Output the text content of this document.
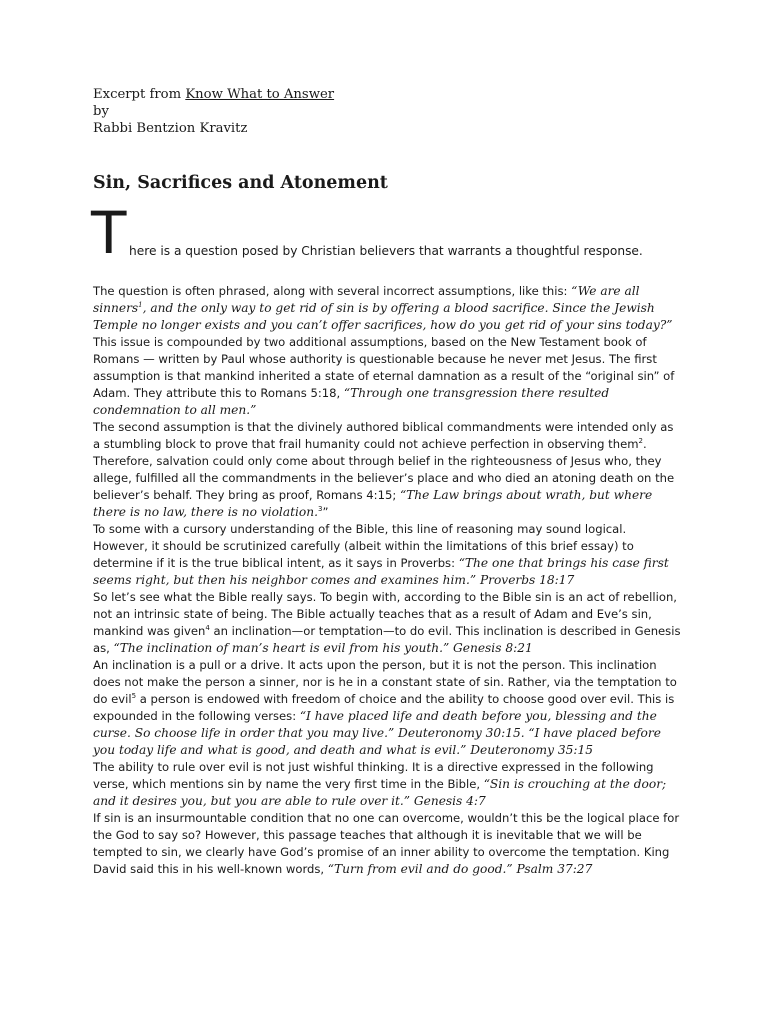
Excerpt from Know What to Answer
by
Rabbi Bentzion Kravitz
Sin, Sacrifices and Atonement
T here is a question posed by Christian believers that warrants a thoughtful response.

The question is often phrased, along with several incorrect assumptions, like this: “We are all sinners$^1$, and the only way to get rid of sin is by offering a blood sacrifice. Since the Jewish Temple no longer exists and you can’t offer sacrifices, how do you get rid of your sins today?” This issue is compounded by two additional assumptions, based on the New Testament book of Romans — written by Paul whose authority is questionable because he never met Jesus. The first assumption is that mankind inherited a state of eternal damnation as a result of the “original sin” of Adam. They attribute this to Romans 5:18, “Through one transgression there resulted condemnation to all men.”

The second assumption is that the divinely authored biblical commandments were intended only as a stumbling block to prove that frail humanity could not achieve perfection in observing them$^2$. Therefore, salvation could only come about through belief in the righteousness of Jesus who, they allege, fulfilled all the commandments in the believer’s place and who died an atoning death on the believer’s behalf. They bring as proof, Romans 4:15; “The Law brings about wrath, but where there is no law, there is no violation.$^3$”

To some with a cursory understanding of the Bible, this line of reasoning may sound logical. However, it should be scrutinized carefully (albeit within the limitations of this brief essay) to determine if it is the true biblical intent, as it says in Proverbs: “The one that brings his case first seems right, but then his neighbor comes and examines him.” Proverbs 18:17

So let’s see what the Bible really says. To begin with, according to the Bible sin is an act of rebellion, not an intrinsic state of being. The Bible actually teaches that as a result of Adam and Eve’s sin, mankind was given$^4$ an inclination—or temptation—to do evil. This inclination is described in Genesis as, “The inclination of man’s heart is evil from his youth.” Genesis 8:21

An inclination is a pull or a drive. It acts upon the person, but it is not the person. This inclination does not make the person a sinner, nor is he in a constant state of sin. Rather, via the temptation to do evil$^5$ a person is endowed with freedom of choice and the ability to choose good over evil. This is expounded in the following verses: “I have placed life and death before you, blessing and the curse. So choose life in order that you may live.” Deuteronomy 30:15. “I have placed before you today life and what is good, and death and what is evil.” Deuteronomy 35:15

The ability to rule over evil is not just wishful thinking. It is a directive expressed in the following verse, which mentions sin by name the very first time in the Bible, “Sin is crouching at the door; and it desires you, but you are able to rule over it.” Genesis 4:7

If sin is an insurmountable condition that no one can overcome, wouldn’t this be the logical place for the God to say so? However, this passage teaches that although it is inevitable that we will be tempted to sin, we clearly have God’s promise of an inner ability to overcome the temptation. King David said this in his well-known words, “Turn from evil and do good.” Psalm 37:27
